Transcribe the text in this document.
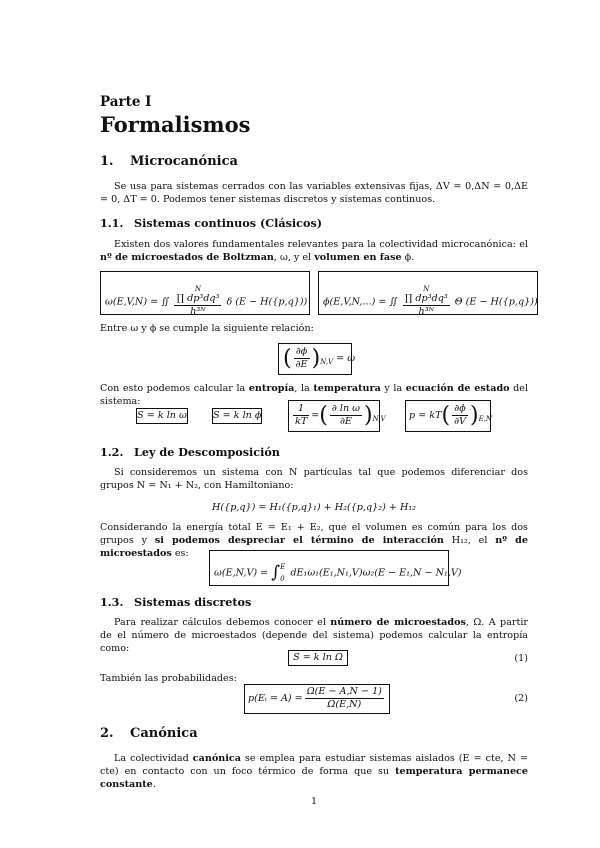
Parte I
Formalismos
1. Microcanónica

Se usa para sistemas cerrados con las variables extensivas fijas, ΔV = 0,ΔN = 0,ΔE = 0, ΔT = 0. Podemos tener sistemas discretos y sistemas continuos.

1.1. Sistemas continuos (Clásicos)

Existen dos valores fundamentales relevantes para la colectividad microcanónica: el nº de microestados de Boltzman, ω, y el volumen en fase ϕ.

ω(E,V,N) = ∬
N
∏ dp³dq³
h³ᴺ
δ (E − H({p,q})) ϕ(E,V,N,...) = ∬
N
∏ dp³dq³
h³ᴺ
Θ (E − H({p,q}))

Entre ω y ϕ se cumple la siguiente relación:

( $\frac{\partial\phi}{\partial E} )_{N,V} = \omega$

Con esto podemos calcular la entropía, la temperatura y la ecuación de estado del sistema:

S = k ln ω	S = k ln ϕ	$\frac{1}{kT}$ =( $\frac{\text{∂ ln ω}}{\partial E} )_{N,V}$ $p = kT( \frac{\partial\phi}{\partial V} )_{E,N}$
1.2. Ley de Descomposición

Si consideremos un sistema con N partículas tal que podemos diferenciar dos grupos N = N₁ + N₂, con Hamiltoniano:

H({p,q}) = H₁({p,q}₁) + H₂({p,q}₂) + H₁₂

Considerando la energía total E = E₁ + E₂, que el volumen es común para los dos grupos y si podemos despreciar el término de interacción H₁₂, el nº de microestados es:

ω(E,N,V) = ∫ E
0
dE₁ω₁(E₁,N₁,V)ω₂(E − E₁,N − N₁,V)
1.3. Sistemas discretos

Para realizar cálculos debemos conocer el número de microestados, Ω. A partir de el número de microestados (depende del sistema) podemos calcular la entropía como:

S = k ln Ω	(1)

También las probabilidades:

p(Eᵢ = $A) = \frac{\Omega(E - A,N - 1)}{\Omega(E,N)}$	(2)
2. Canónica

La colectividad canónica se emplea para estudiar sistemas aislados (E = cte, N = cte) en contacto con un foco térmico de forma que su temperatura permanece constante.

1
